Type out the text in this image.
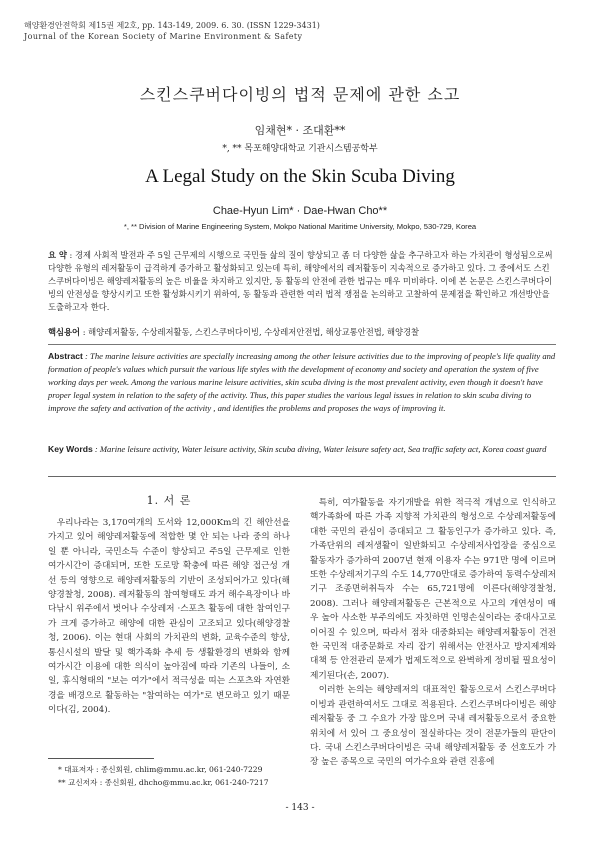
해양환경안전학회 제15권 제2호, pp. 143-149, 2009. 6. 30. (ISSN 1229-3431)
Journal of the Korean Society of Marine Environment & Safety
스킨스쿠버다이빙의 법적 문제에 관한 소고
임채현* · 조대환**
*, ** 목포해양대학교 기관시스템공학부
A Legal Study on the Skin Scuba Diving
Chae-Hyun Lim* · Dae-Hwan Cho**
*, ** Division of Marine Engineering System, Mokpo National Maritime University, Mokpo, 530-729, Korea
요 약 : 경제 사회적 발전과 주 5일 근무제의 시행으로 국민들 삶의 질이 향상되고 좀 더 다양한 삶을 추구하고자 하는 가치관이 형성됨으로써 다양한 유형의 레저활동이 급격하게 증가하고 활성화되고 있는데 특히, 해양에서의 레저활동이 지속적으로 증가하고 있다. 그 중에서도 스킨스쿠버다이빙은 해양레저활동의 높은 비율을 차지하고 있지만, 동 활동의 안전에 관한 법규는 매우 미비하다. 이에 본 논문은 스킨스쿠버다이빙의 안전성을 향상시키고 또한 활성화시키기 위하여, 동 활동과 관련한 여러 법적 쟁점을 논의하고 고찰하여 문제점을 확인하고 개선방안을 도출하고자 한다.
핵심용어 : 해양레저활동, 수상레저활동, 스킨스쿠버다이빙, 수상레저안전법, 해상교통안전법, 해양경찰
Abstract : The marine leisure activities are specially increasing among the other leisure activities due to the improving of people's life quality and formation of people's values which pursuit the various life styles with the development of economy and society and operation the system of five working days per week. Among the various marine leisure activities, skin scuba diving is the most prevalent activity, even though it doesn't have proper legal system in relation to the safety of the activity. Thus, this paper studies the various legal issues in relation to skin scuba diving to improve the safety and activation of the activity , and identifies the problems and proposes the ways of improving it.
Key Words : Marine leisure activity, Water leisure activity, Skin scuba diving, Water leisure safety act, Sea traffic safety act, Korea coast guard
1. 서 론

우리나라는 3,170여개의 도서와 12,000Km의 긴 해안선을 가지고 있어 해양레저활동에 적합한 몇 안 되는 나라 중의 하나일 뿐 아니라, 국민소득 수준이 향상되고 주5일 근무제로 인한 여가시간이 증대되며, 또한 도로망 확충에 따른 해양 접근성 개선 등의 영향으로 해양레저활동의 기반이 조성되어가고 있다(해양경찰청, 2008). 레저활동의 참여형태도 과거 해수욕장이나 바다낚시 위주에서 벗어나 수상레저 ·스포츠 활동에 대한 참여인구가 크게 증가하고 해양에 대한 관심이 고조되고 있다(해양경찰청, 2006). 이는 현대 사회의 가치관의 변화, 교육수준의 향상, 통신시설의 발달 및 핵가족화 추세 등 생활환경의 변화와 함께 여가시간 이용에 대한 의식이 높아짐에 따라 기존의 나들이, 소일, 휴식형태의 "보는 여가"에서 적극성을 띠는 스포츠와 자연환경을 배경으로 활동하는 "참여하는 여가"로 변모하고 있기 때문이다(김, 2004).

특히, 여가활동을 자기개발을 위한 적극적 개념으로 인식하고 핵가족화에 따른 가족 지향적 가치관의 형성으로 수상레저활동에 대한 국민의 관심이 증대되고 그 활동인구가 증가하고 있다. 즉, 가족단위의 레저생활이 일반화되고 수상레저사업장을 중심으로 활동자가 증가하여 2007년 현재 이용자 수는 971만 명에 이르며 또한 수상레저기구의 수도 14,770만대로 증가하여 동력수상레저기구 조종면허취득자 수는 65,721명에 이른다(해양경찰청, 2008). 그러나 해양레저활동은 근본적으로 사고의 개연성이 매우 높아 사소한 부주의에도 자칫하면 인명손실이라는 중대사고로 이어질 수 있으며, 따라서 점차 대중화되는 해양레저활동이 건전한 국민적 대중문화로 자리 잡기 위해서는 안전사고 방지제계와 대책 등 안전관리 문제가 법제도적으로 완벽하게 정비될 필요성이 제기된다(손, 2007).

이러한 논의는 해양레저의 대표적인 활동으로서 스킨스쿠버다이빙과 관련하여서도 그대로 적용된다. 스킨스쿠버다이빙은 해양레저활동 중 그 수요가 가장 많으며 국내 레저활동으로서 중요한 위치에 서 있어 그 중요성이 절실하다는 것이 전문가들의 판단이다. 국내 스킨스쿠버다이빙은 국내 해양레저활동 중 선호도가 가장 높은 종목으로 국민의 여가수요와 관련 진흥에

* 대표저자 : 종신회원, chlim@mmu.ac.kr, 061-240-7229
** 교신저자 : 종신회원, dhcho@mmu.ac.kr, 061-240-7217
- 143 -
